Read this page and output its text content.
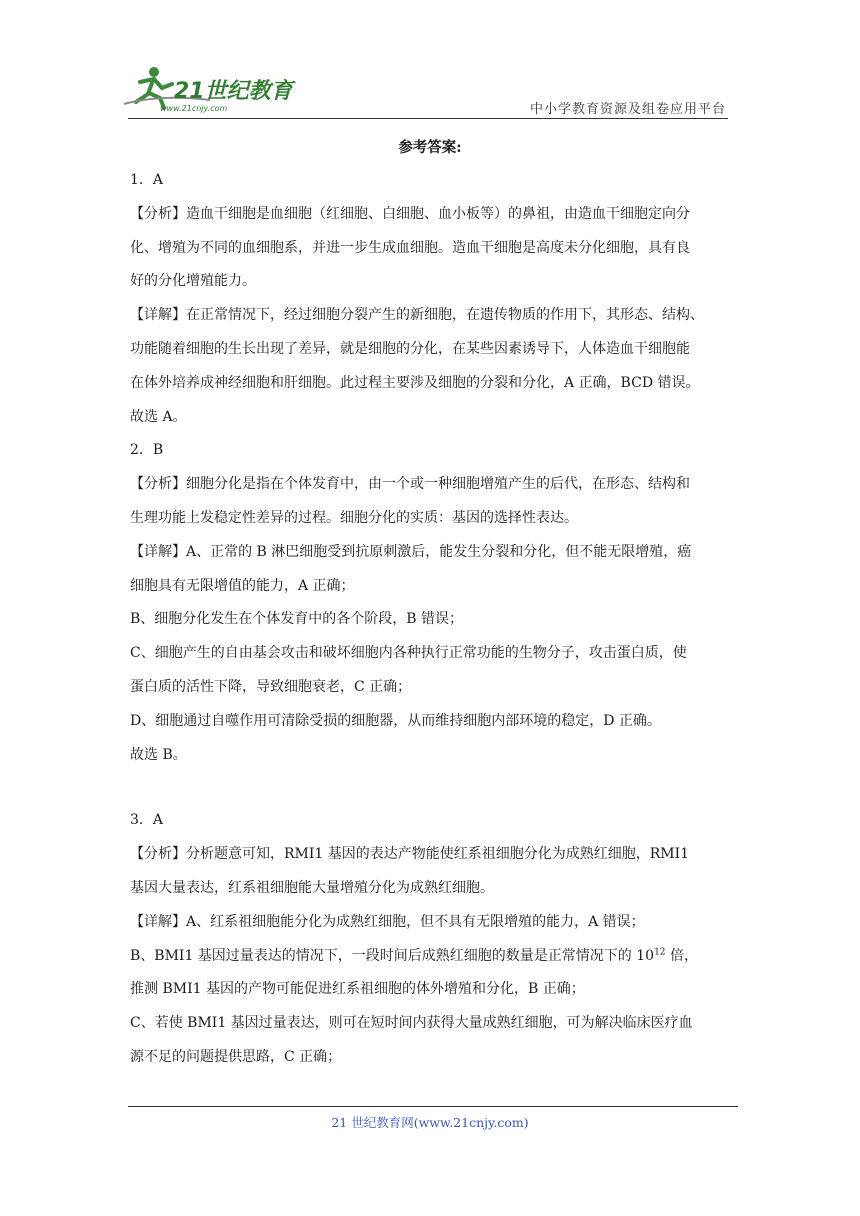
21世纪教育
www.21cnjy.com	中小学教育资源及组卷应用平台
参考答案:
1．A
【分析】造血干细胞是血细胞（红细胞、白细胞、血小板等）的鼻祖，由造血干细胞定向分
化、增殖为不同的血细胞系，并进一步生成血细胞。造血干细胞是高度未分化细胞，具有良
好的分化增殖能力。
【详解】在正常情况下，经过细胞分裂产生的新细胞，在遗传物质的作用下，其形态、结构、
功能随着细胞的生长出现了差异，就是细胞的分化，在某些因素诱导下，人体造血干细胞能
在体外培养成神经细胞和肝细胞。此过程主要涉及细胞的分裂和分化，A 正确，BCD 错误。
故选 A。
2．B
【分析】细胞分化是指在个体发育中，由一个或一种细胞增殖产生的后代，在形态、结构和
生理功能上发稳定性差异的过程。细胞分化的实质：基因的选择性表达。
【详解】A、正常的 B 淋巴细胞受到抗原刺激后，能发生分裂和分化，但不能无限增殖，癌
细胞具有无限增值的能力，A 正确；
B、细胞分化发生在个体发育中的各个阶段，B 错误；
C、细胞产生的自由基会攻击和破坏细胞内各种执行正常功能的生物分子，攻击蛋白质，使
蛋白质的活性下降，导致细胞衰老，C 正确；
D、细胞通过自噬作用可清除受损的细胞器，从而维持细胞内部环境的稳定，D 正确。
故选 B。
3．A
【分析】分析题意可知，RMI1 基因的表达产物能使红系祖细胞分化为成熟红细胞，RMI1
基因大量表达，红系祖细胞能大量增殖分化为成熟红细胞。
【详解】A、红系祖细胞能分化为成熟红细胞，但不具有无限增殖的能力，A 错误；
B、BMI1 基因过量表达的情况下，一段时间后成熟红细胞的数量是正常情况下的 $10^{12}$ 倍，
推测 BMI1 基因的产物可能促进红系祖细胞的体外增殖和分化，B 正确；
C、若使 BMI1 基因过量表达，则可在短时间内获得大量成熟红细胞，可为解决临床医疗血
源不足的问题提供思路，C 正确；
21 世纪教育网(www.21cnjy.com)
